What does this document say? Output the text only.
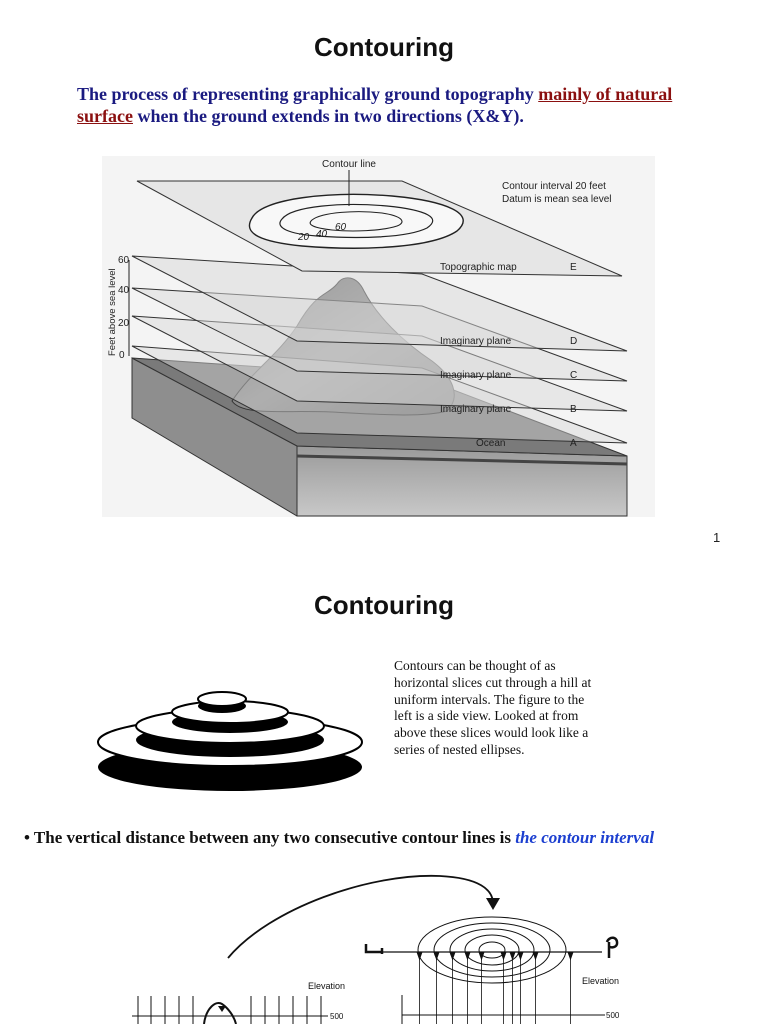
Contouring
The process of representing graphically ground topography mainly of natural surface when the ground extends in two directions (X&Y).
Contour line
Contour interval 20 feet
Datum is mean sea level
20 40
60
Feet above sea level
60
40
20
0
Topographic map	E
Imaginary plane	D
Imaginary plane	C
Imaginary plane	B
Ocean	A
1
Contouring
Contours can be thought of as
horizontal slices cut through a hill at
uniform intervals. The figure to the
left is a side view. Looked at from
above these slices would look like a
series of nested ellipses.
• The vertical distance between any two consecutive contour lines is the contour interval
Elevation
500
Elevation
500
